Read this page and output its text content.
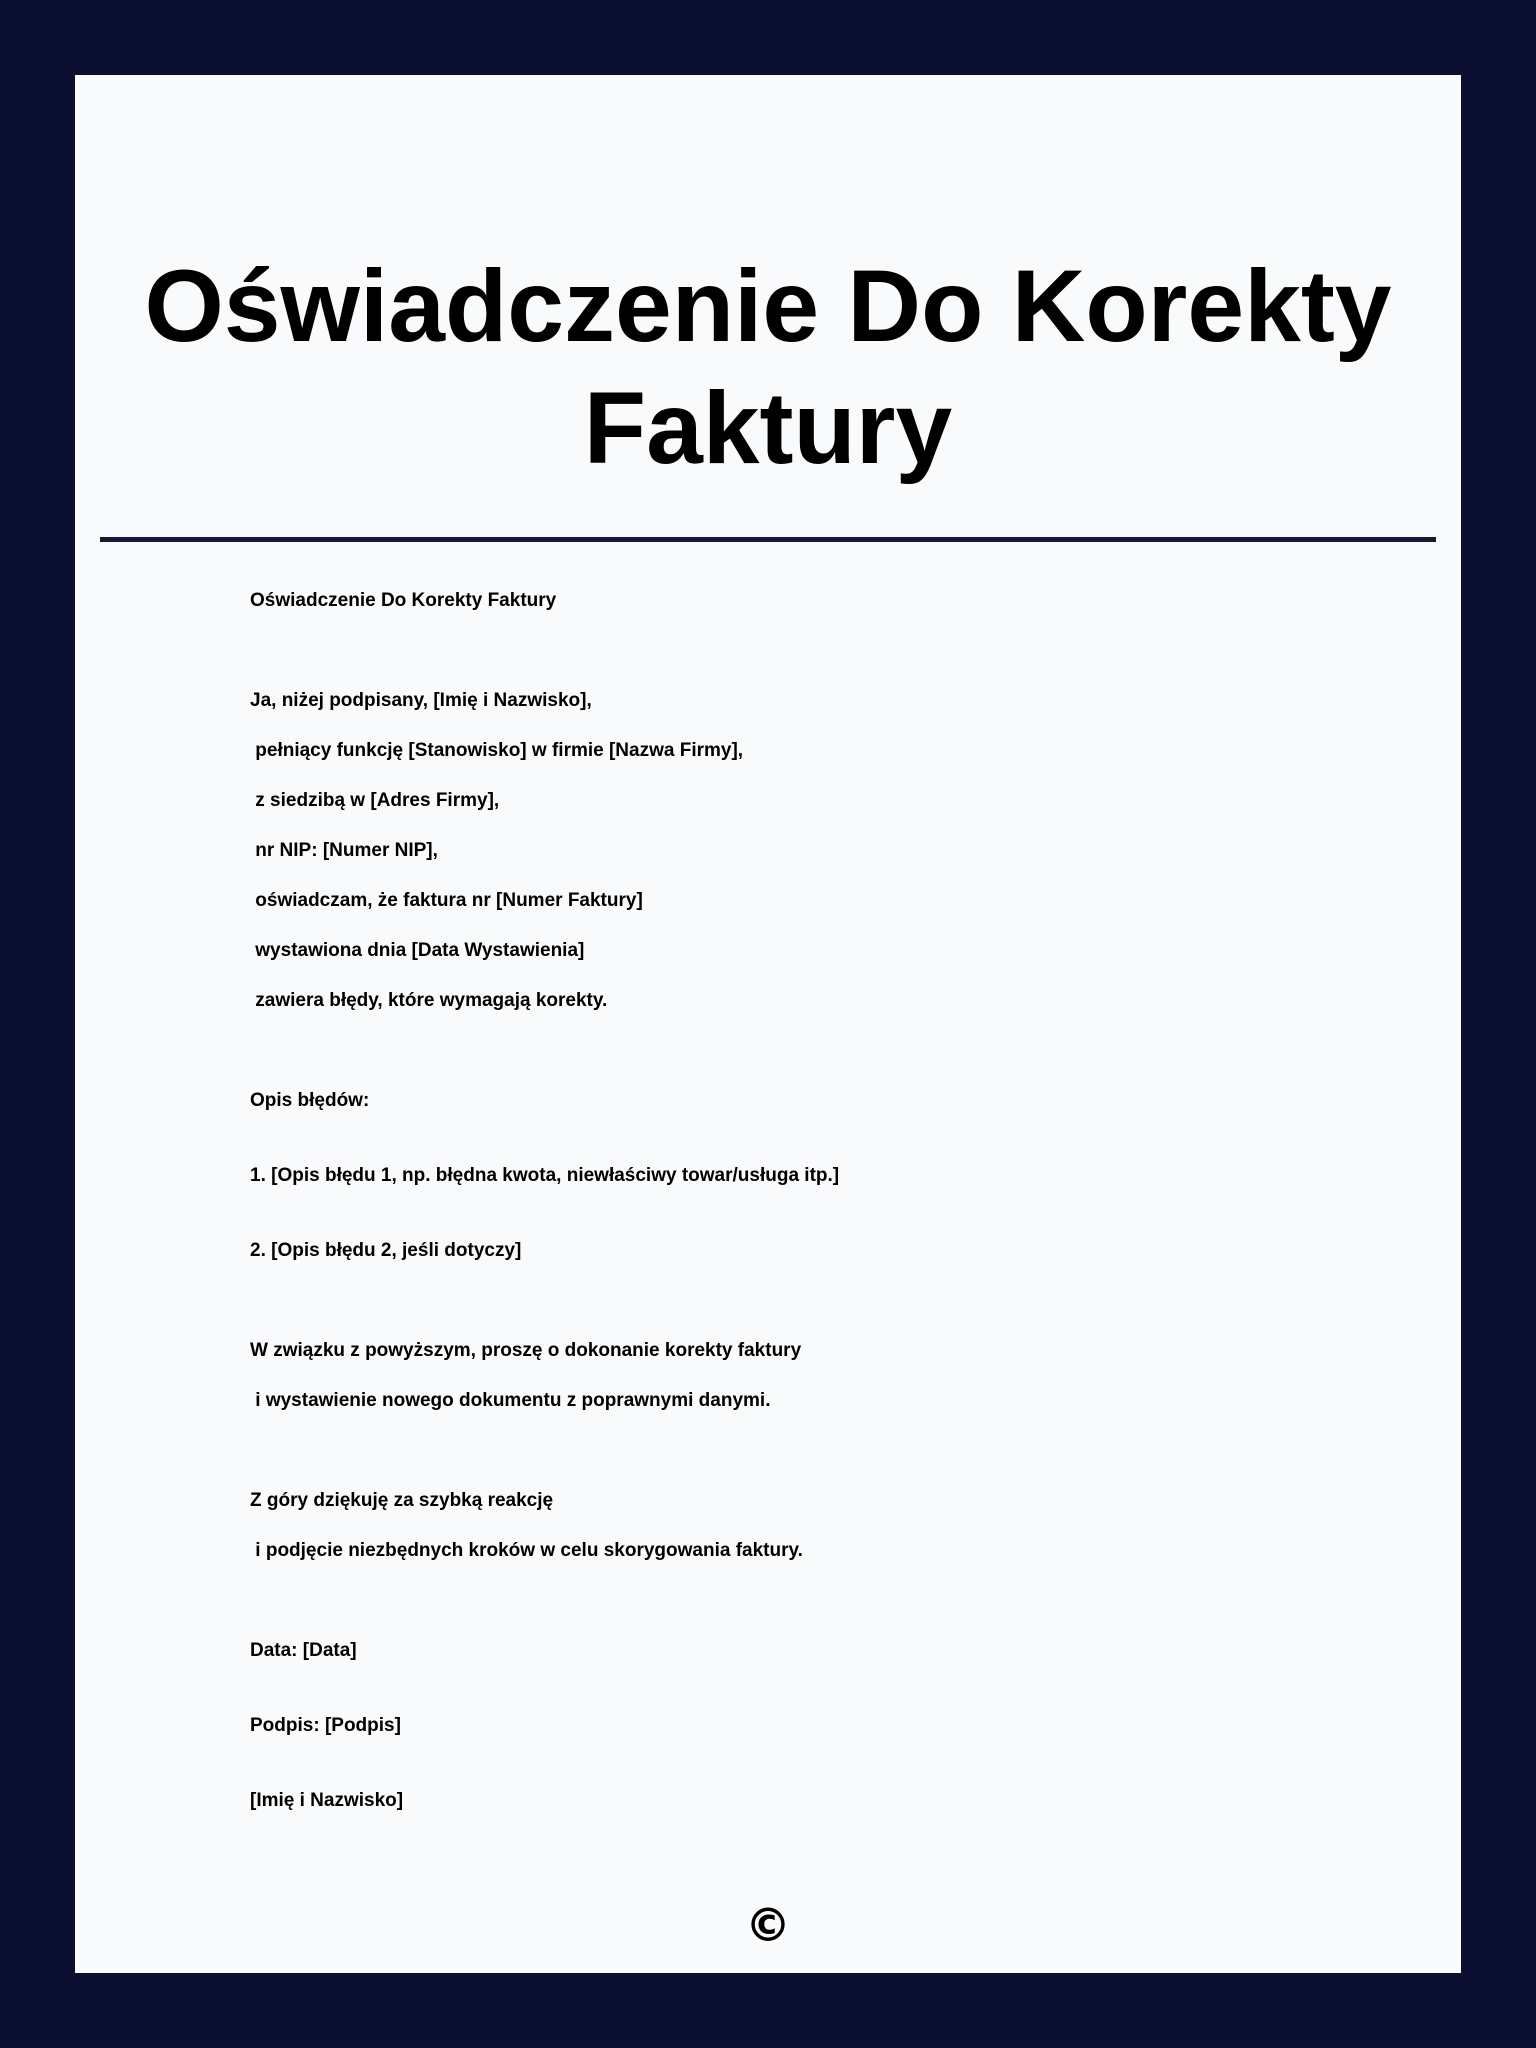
Oświadczenie Do Korekty Faktury

Oświadczenie Do Korekty Faktury

Ja, niżej podpisany, [Imię i Nazwisko],

pełniący funkcję [Stanowisko] w firmie [Nazwa Firmy],

z siedzibą w [Adres Firmy],

nr NIP: [Numer NIP],

oświadczam, że faktura nr [Numer Faktury]

wystawiona dnia [Data Wystawienia]

zawiera błędy, które wymagają korekty.

Opis błędów:

1. [Opis błędu 1, np. błędna kwota, niewłaściwy towar/usługa itp.]

2. [Opis błędu 2, jeśli dotyczy]

W związku z powyższym, proszę o dokonanie korekty faktury

i wystawienie nowego dokumentu z poprawnymi danymi.

Z góry dziękuję za szybką reakcję

i podjęcie niezbędnych kroków w celu skorygowania faktury.

Data: [Data]

Podpis: [Podpis]

[Imię i Nazwisko]

©
